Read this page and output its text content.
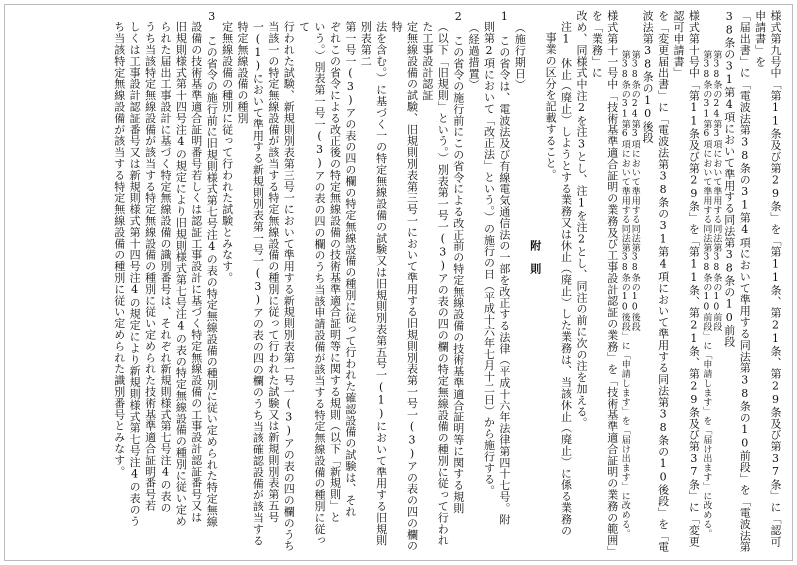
様式第九号中「第11条及び第29条」を「第11条、第21条、第29条及び第37条」に「認可申請書」を

「届出書」に「電波法第38条の31第4項において準用する同法第38条の10前段」を「電波法第38条の31第4項において準用する同法第38条の10前段

第38条の24第3項において準用する同法第38条の10前段

第38条の31第6項において準用する同法第38条の10前段」に「申請します」を「届け出ます」に改める。

様式第十号中「第11条及び第29条」を「第11条、第21条、第29条及び第37条」に「変更認可申請書」

を「変更届出書」に「電波法第38条の31第4項において準用する同法第38条の10後段」を「電波法第38条の10後段

第38条の24第3項において準用する同法第38条の10後段

第38条の31第6項において準用する同法第38条の10後段」に「申請します」を「届け出ます」に改める。

様式第十一号中「技術基準適合証明の業務及び工事設計認証の業務」を「技術基準適合証明の業務の範囲」を「業務」に

改め、同様式中注2を注3とし、注1を注2とし、同注の前に次の注を加える。

注1　休止（廃止）しようとする業務又は休止（廃止）した業務は、当該休止（廃止）に係る業務の

事業の区分を記載すること。

附　則

（施行期日）

1　この省令は、電波法及び有線電気通信法の一部を改正する法律（平成十六年法律第四十七号。附

則第2項において「改正法」という。）の施行の日（平成十六年七月十二日）から施行する。

（経過措置）

2　この省令の施行前にこの省令による改正前の特定無線設備の技術基準適合証明等に関する規則

（以下「旧規則」という。）別表第一号一(3)アの表の四の欄の特定無線設備の種別に従って行われた工事設計認証

定無線設備の試験、旧規則別表第三号一において準用する旧規則別表第一号一(3)アの表の四の欄の特

法を含む。）に基づく一の特定無線設備の試験又は旧規則別表第五号一(1)において準用する旧規則別表第二

第一号一(3)アの表の四の欄の特定無線設備の種別に従って行われた確認設備の試験は、それ

ぞれこの省令による改正後の特定無線設備の技術基準適合証明等に関する規則（以下「新規則」と

いう。）別表第一号一(3)アの表の四の欄のうち当該申請設備が該当する特定無線設備の種別に従って

行われた試験、新規則別表第三号一において準用する新規則別表第一号一(3)アの表の四の欄のうち

当該一の特定無線設備が該当する特定無線設備の種別に従って行われた試験又は新規則別表第五号

一(1)において準用する新規則別表第一号一(3)アの表の四の欄のうち当該確認設備が該当する特定無線設備の種別

定無線設備の種別に従って行われた試験とみなす。

3　この省令の施行前に旧規則様式第七号注4の表の特定無線設備の種別に従い定められた特定無線

設備の技術基準適合証明番号若しくは認証工事設計に基づく特定無線設備の工事設計認証番号又は

旧規則様式第十四号注4の規定により旧規則様式第七号注4の表の特定無線設備の種別に従い定め

られた届出工事設計に基づく特定無線設備の識別番号は、それぞれ新規則様式第七号注4の表の

うち当該特定無線設備が該当する特定無線設備の種別に従い定められた技術基準適合証明番号若

しくは工事設計認証番号又は新規則様式第十四号注4の規定により新規則様式第七号注4の表のう

ち当該特定無線設備が該当する特定無線設備の種別に従い定められた識別番号とみなす。
